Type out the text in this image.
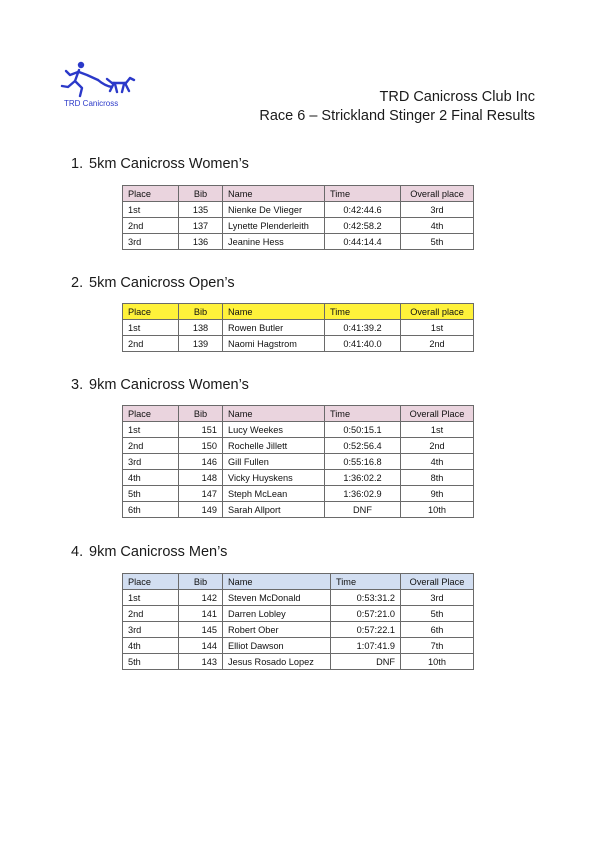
TRD Canicross	TRD Canicross Club Inc
Race 6 – Strickland Stinger 2 Final Results
1. 5km Canicross Women’s
Place	Bib	Name	Time	Overall place
1st	135	Nienke De Vlieger	0:42:44.6	3rd
2nd	137	Lynette Plenderleith	0:42:58.2	4th
3rd	136	Jeanine Hess	0:44:14.4	5th
2. 5km Canicross Open’s
Place	Bib	Name	Time	Overall place
1st	138	Rowen Butler	0:41:39.2	1st
2nd	139	Naomi Hagstrom	0:41:40.0	2nd
3. 9km Canicross Women’s
Place	Bib	Name	Time	Overall Place
1st	151	Lucy Weekes	0:50:15.1	1st
2nd	150	Rochelle Jillett	0:52:56.4	2nd
3rd	146	Gill Fullen	0:55:16.8	4th
4th	148	Vicky Huyskens	1:36:02.2	8th
5th	147	Steph McLean	1:36:02.9	9th
6th	149	Sarah Allport	DNF	10th
4. 9km Canicross Men’s
Place	Bib	Name	Time	Overall Place
1st	142	Steven McDonald	0:53:31.2	3rd
2nd	141	Darren Lobley	0:57:21.0	5th
3rd	145	Robert Ober	0:57:22.1	6th
4th	144	Elliot Dawson	1:07:41.9	7th
5th	143	Jesus Rosado Lopez	DNF	10th
